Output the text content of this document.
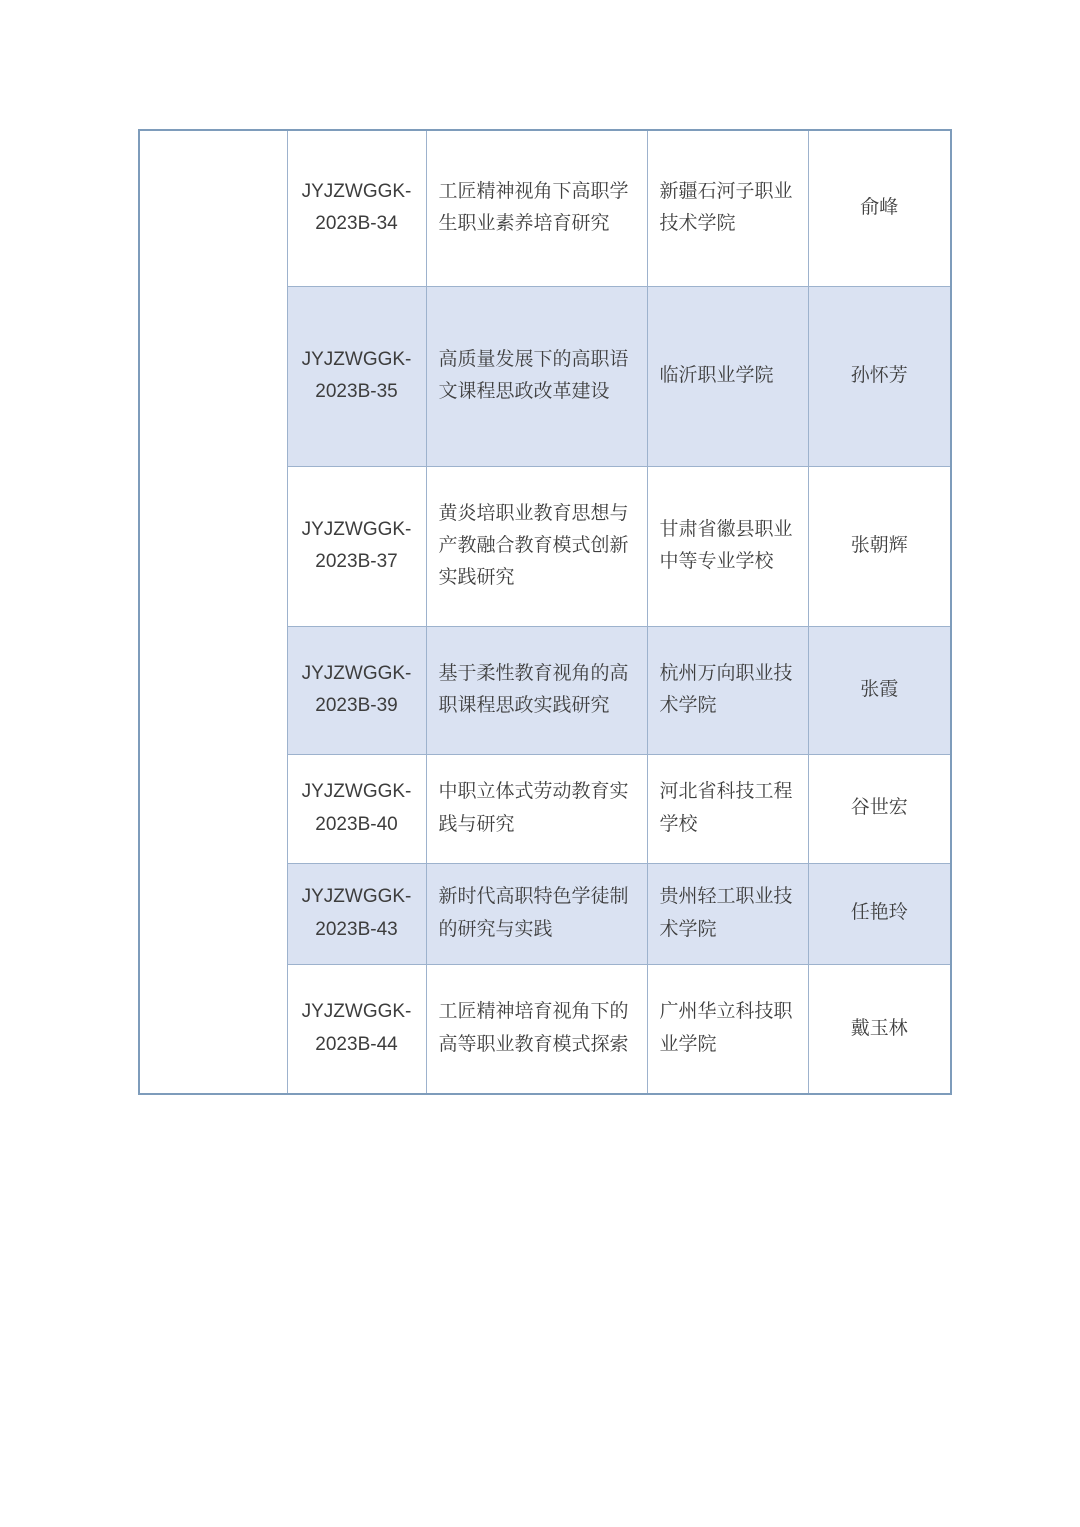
	JYJZWGGK-2023B-34	工匠精神视角下高职学生职业素养培育研究	新疆石河子职业技术学院	俞峰
	JYJZWGGK-2023B-35	高质量发展下的高职语文课程思政改革建设	临沂职业学院	孙怀芳
	JYJZWGGK-2023B-37	黄炎培职业教育思想与产教融合教育模式创新实践研究	甘肃省徽县职业中等专业学校	张朝辉
	JYJZWGGK-2023B-39	基于柔性教育视角的高职课程思政实践研究	杭州万向职业技术学院	张霞
	JYJZWGGK-2023B-40	中职立体式劳动教育实践与研究	河北省科技工程学校	谷世宏
	JYJZWGGK-2023B-43	新时代高职特色学徒制的研究与实践	贵州轻工职业技术学院	任艳玲
	JYJZWGGK-2023B-44	工匠精神培育视角下的高等职业教育模式探索	广州华立科技职业学院	戴玉林
